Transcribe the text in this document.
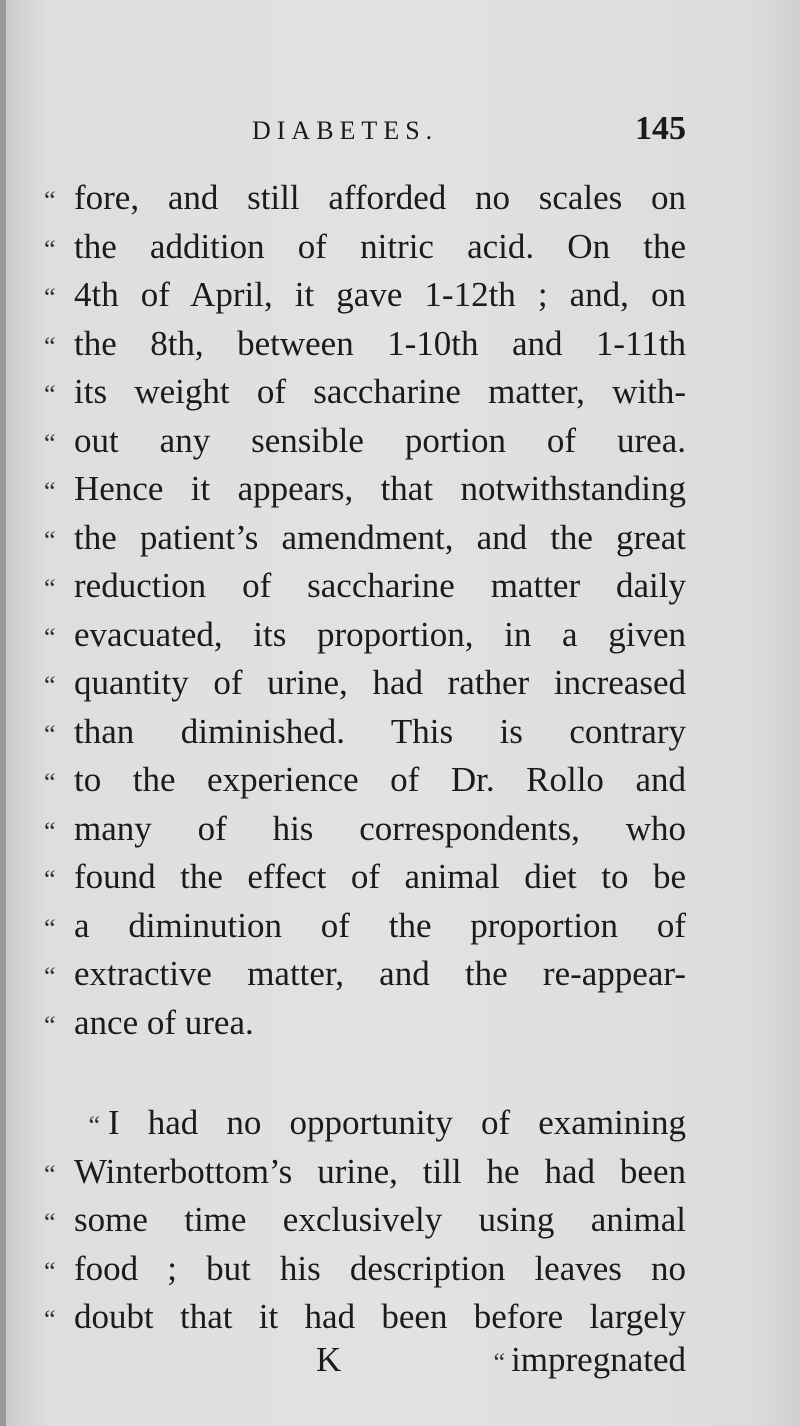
DIABETES.	145
“ fore, and still afforded no scales on
“ the addition of nitric acid. On the
“ 4th of April, it gave 1-12th ; and, on
“ the 8th, between 1-10th and 1-11th
“ its weight of saccharine matter, with-
“ out any sensible portion of urea.
“ Hence it appears, that notwithstanding
“ the patient’s amendment, and the great
“ reduction of saccharine matter daily
“ evacuated, its proportion, in a given
“ quantity of urine, had rather increased
“ than diminished. This is contrary
“ to the experience of Dr. Rollo and
“ many of his correspondents, who
“ found the effect of animal diet to be
“ a diminution of the proportion of
“ extractive matter, and the re-appear-
“ ance of urea.
“ I had no opportunity of examining
“ Winterbottom’s urine, till he had been
“ some time exclusively using animal
“ food ; but his description leaves no
“ doubt that it had been before largely
K	“ impregnated
